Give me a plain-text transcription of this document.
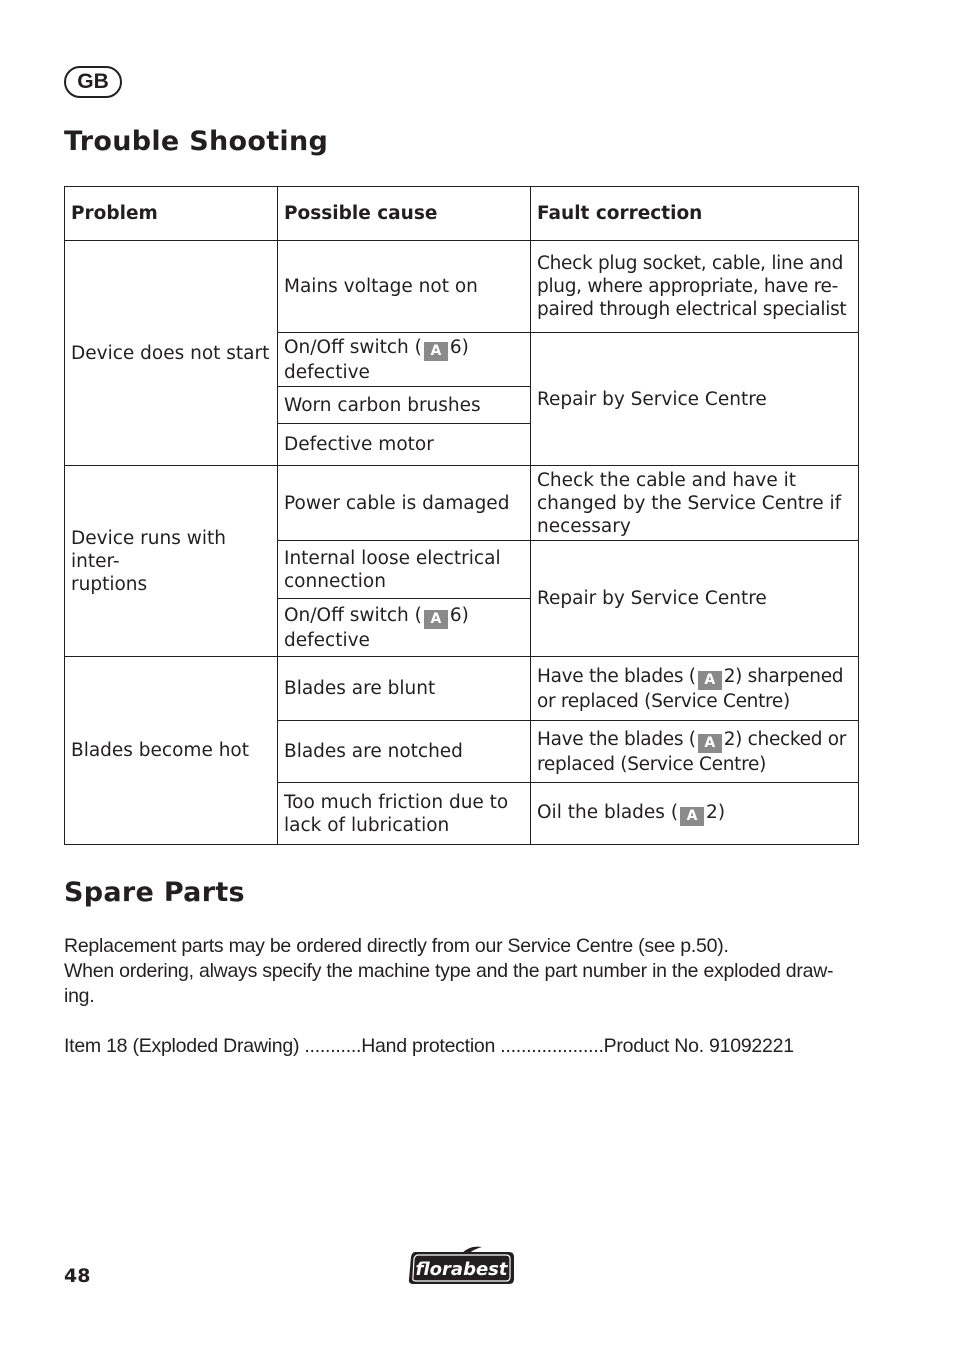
GB
Trouble Shooting
Problem	Possible cause	Fault correction
Device does not start	Mains voltage not on	Check plug socket, cable, line and
plug, where appropriate, have re-
paired through electrical specialist
	On/Off switch ( A 6)
defective	Repair by Service Centre
	Worn carbon brushes	
	Defective motor	
Device runs with inter-
ruptions	Power cable is damaged	Check the cable and have it
changed by the Service Centre if
necessary
	Internal loose electrical
connection	Repair by Service Centre
	On/Off switch ( A 6)
defective	
Blades become hot	Blades are blunt	Have the blades ( A 2) sharpened
or replaced (Service Centre)
	Blades are notched	Have the blades ( A 2) checked or
replaced (Service Centre)
	Too much friction due to
lack of lubrication	Oil the blades ( A 2)
Spare Parts

Replacement parts may be ordered directly from our Service Centre (see p.50).
When ordering, always specify the machine type and the part number in the exploded draw-
ing.

Item 18 (Exploded Drawing) ...........Hand protection ....................Product No. 91092221

48	florabest
